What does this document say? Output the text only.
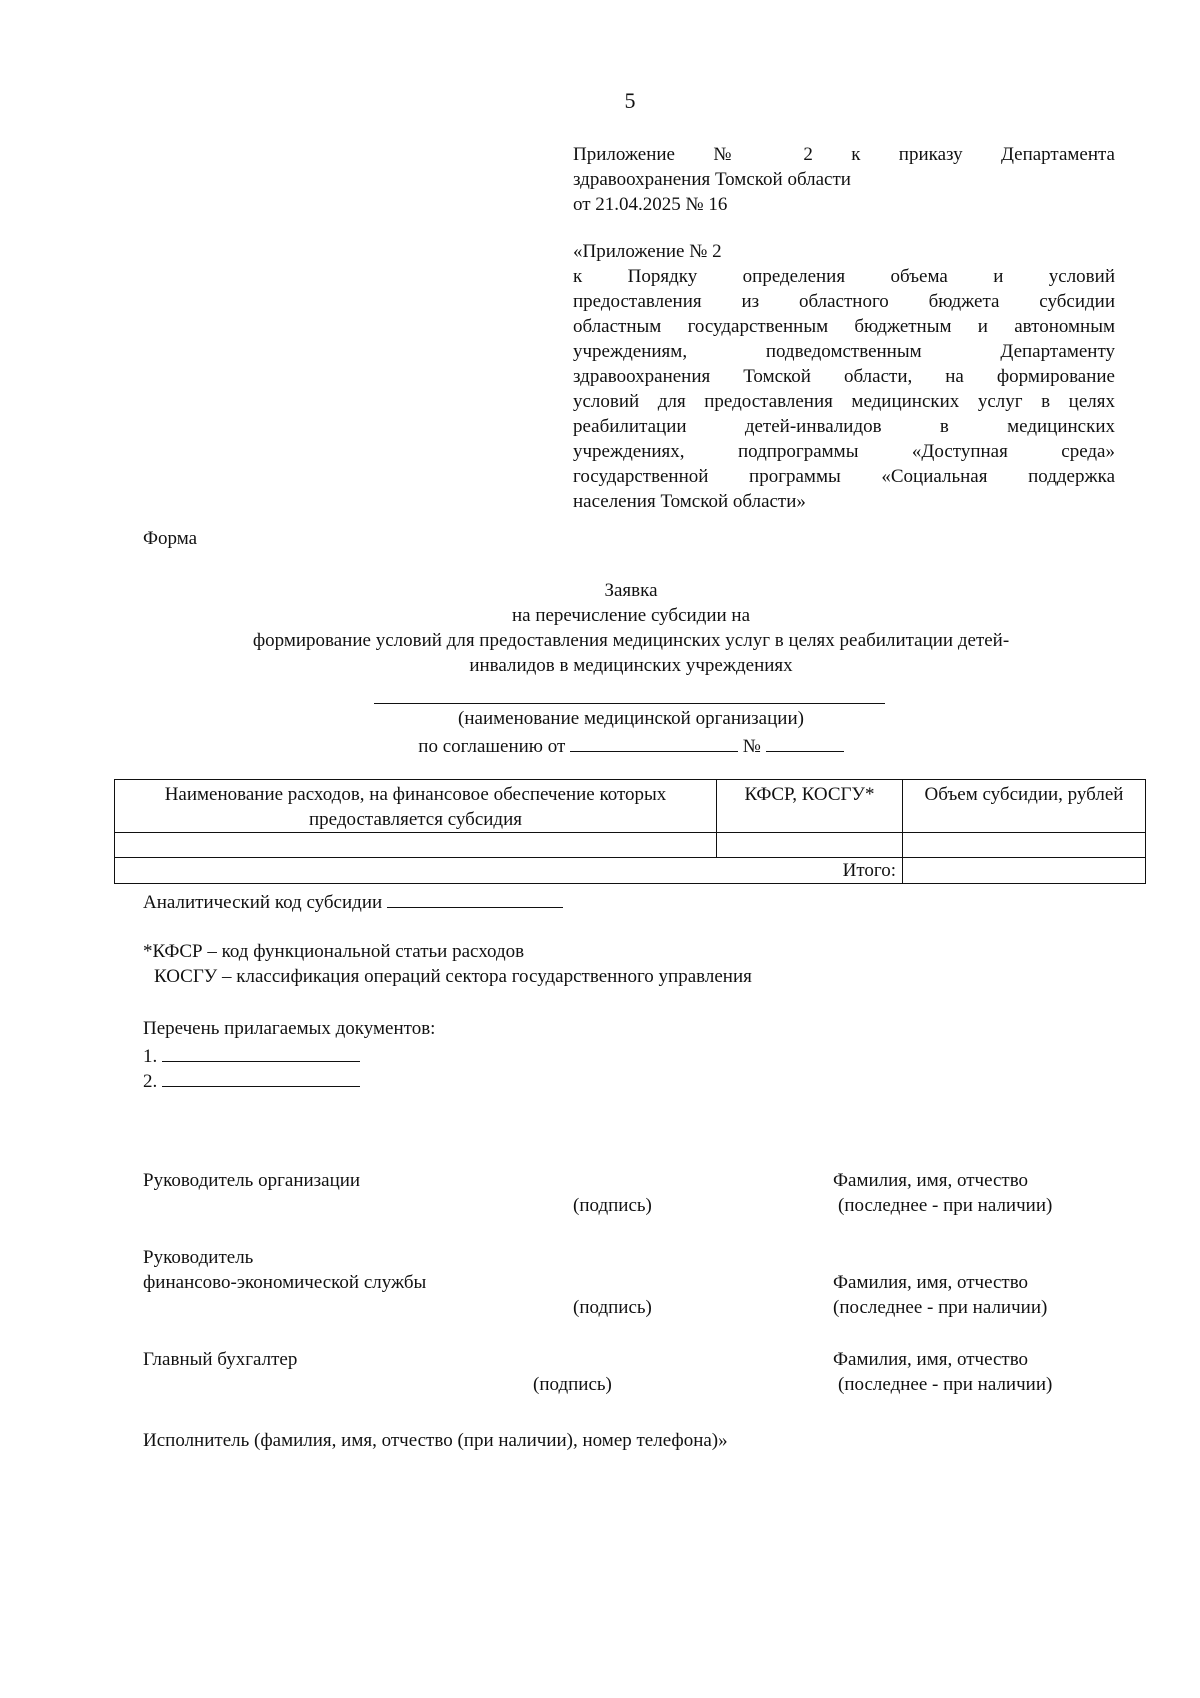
5
Приложение № 2 к приказу Департамента
здравоохранения Томской области
от 21.04.2025 № 16
«Приложение № 2
к Порядку определения объема и условий
предоставления из областного бюджета субсидии
областным государственным бюджетным и автономным
учреждениям, подведомственным Департаменту
здравоохранения Томской области, на формирование
условий для предоставления медицинских услуг в целях
реабилитации детей-инвалидов в медицинских
учреждениях, подпрограммы «Доступная среда»
государственной программы «Социальная поддержка
населения Томской области»
Форма
Заявка
на перечисление субсидии на
формирование условий для предоставления медицинских услуг в целях реабилитации детей-
инвалидов в медицинских учреждениях
(наименование медицинской организации)
по соглашению от	№
Наименование расходов, на финансовое обеспечение которых предоставляется субсидия	КФСР, КОСГУ*	Объем субсидии, рублей

Итого:		
Аналитический код субсидии
*КФСР – код функциональной статьи расходов
КОСГУ – классификация операций сектора государственного управления
Перечень прилагаемых документов:
1.
2.
Руководитель организации
(подпись)
Фамилия, имя, отчество
(последнее - при наличии)
Руководитель
финансово-экономической службы
(подпись)
Фамилия, имя, отчество
(последнее - при наличии)
Главный бухгалтер
(подпись)
Фамилия, имя, отчество
(последнее - при наличии)
Исполнитель (фамилия, имя, отчество (при наличии), номер телефона)»
